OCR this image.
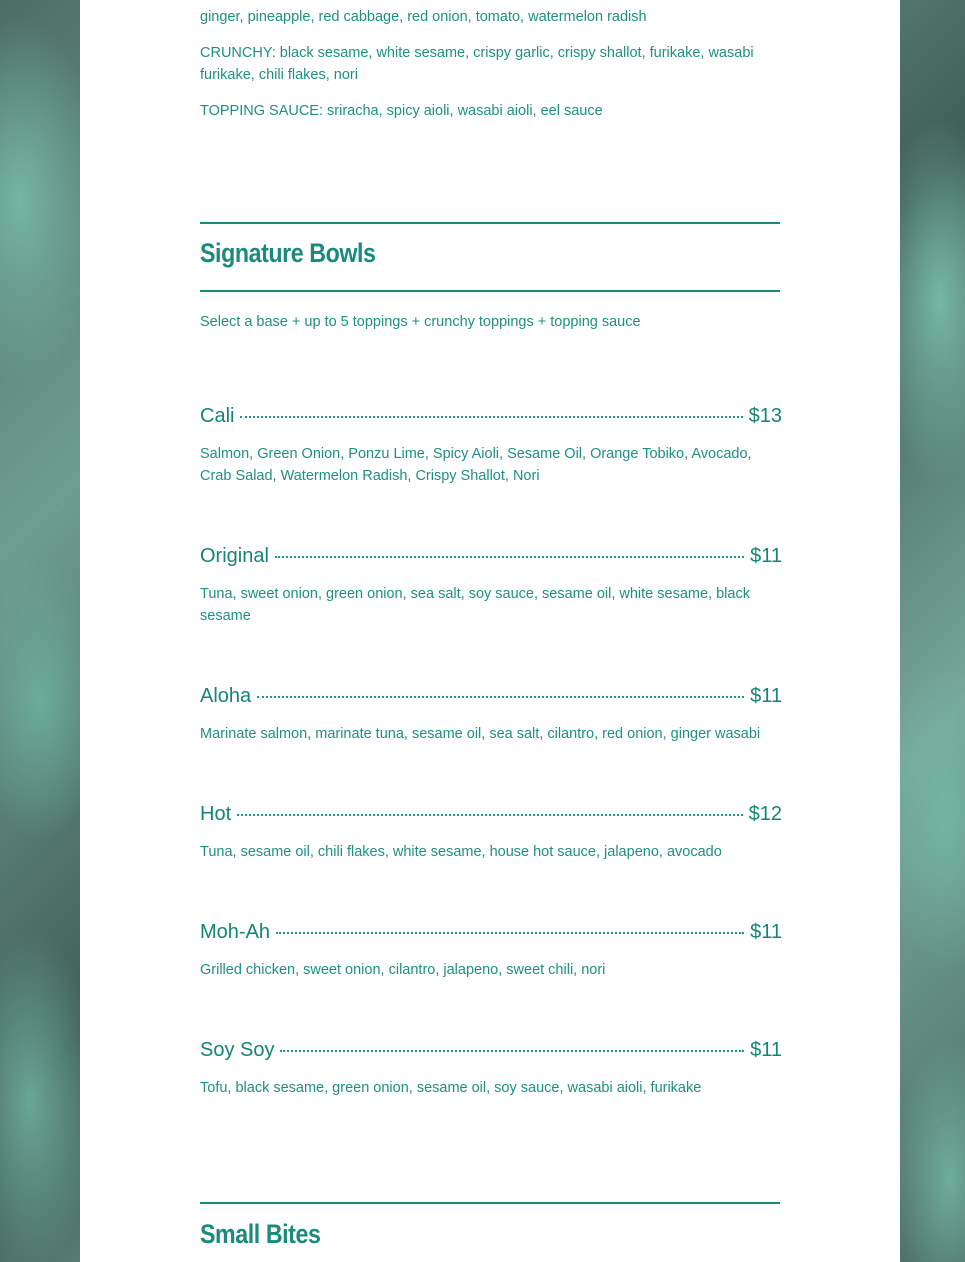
ginger, pineapple, red cabbage, red onion, tomato, watermelon radish

CRUNCHY: black sesame, white sesame, crispy garlic, crispy shallot, furikake, wasabi furikake, chili flakes, nori

TOPPING SAUCE: sriracha, spicy aioli, wasabi aioli, eel sauce

Signature Bowls

Select a base + up to 5 toppings + crunchy toppings + topping sauce

Cali	$13

Salmon, Green Onion, Ponzu Lime, Spicy Aioli, Sesame Oil, Orange Tobiko, Avocado, Crab Salad, Watermelon Radish, Crispy Shallot, Nori

Original	$11

Tuna, sweet onion, green onion, sea salt, soy sauce, sesame oil, white sesame, black sesame

Aloha	$11

Marinate salmon, marinate tuna, sesame oil, sea salt, cilantro, red onion, ginger wasabi

Hot	$12

Tuna, sesame oil, chili flakes, white sesame, house hot sauce, jalapeno, avocado

Moh-Ah	$11

Grilled chicken, sweet onion, cilantro, jalapeno, sweet chili, nori

Soy Soy	$11

Tofu, black sesame, green onion, sesame oil, soy sauce, wasabi aioli, furikake

Small Bites
